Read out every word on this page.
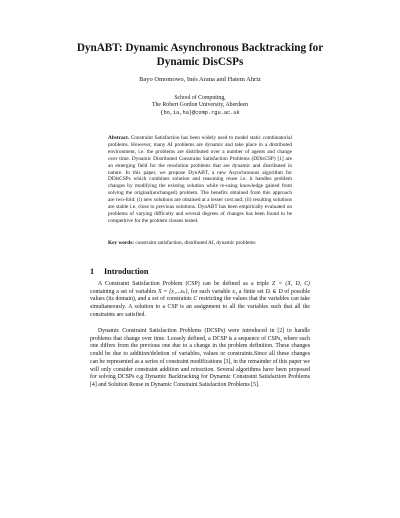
DynABT: Dynamic Asynchronous Backtracking for
Dynamic DisCSPs
Bayo Omomowo, Inés Arana and Hatem Ahriz
School of Computing,
The Robert Gordon University, Aberdeen
{bo,ia,ha}@comp.rgu.ac.uk
Abstract. Constraint Satisfaction has been widely used to model static combinatorial problems. However, many AI problems are dynamic and take place in a distributed environment, i.e. the problems are distributed over a number of agents and change over time. Dynamic Distributed Constraint Satisfaction Problems (DDisCSP) [1] are an emerging field for the resolution problems that are dynamic and distributed in nature. In this paper, we propose DynABT, a new Asynchronous algorithm for DDisCSPs which combines solution and reasoning reuse i.e. it handles problem changes by modifying the existing solution while re-using knowledge gained from solving the original(unchanged) problem. The benefits obtained from this approach are two-fold: (i) new solutions are obtained at a lesser cost and; (ii) resulting solutions are stable i.e. close to previous solutions. DynABT has been empirically evaluated on problems of varying difficulty and several degrees of changes has been found to be competitive for the problem classes tested.
Key words: constraint satisfaction, distributed AI, dynamic problems
1 Introduction
A Constraint Satisfaction Problem (CSP) can be defined as a triple Z = (X, D, C) containing a set of variables X = {x₁...xₙ}, for each variable xᵢ, a finite set Dᵢ ∈ D of possible values (its domain), and a set of constraints C restricting the values that the variables can take simultaneously. A solution to a CSP is an assignment to all the variables such that all the constraints are satisfied.
Dynamic Constraint Satisfaction Problems (DCSPs) were introduced in [2] to handle problems that change over time. Loosely defined, a DCSP is a sequence of CSPs, where each one differs from the previous one due to a change in the problem definition. These changes could be due to addition/deletion of variables, values or constraints.Since all these changes can be represented as a series of constraint modifications [3], in the remainder of this paper we will only consider constraint addition and retraction. Several algorithms have been proposed for solving DCSPs e.g Dynamic Backtracking for Dynamic Constraint Satisfaction Problems [4] and Solution Reuse in Dynamic Constraint Satisfaction Problems [5].
